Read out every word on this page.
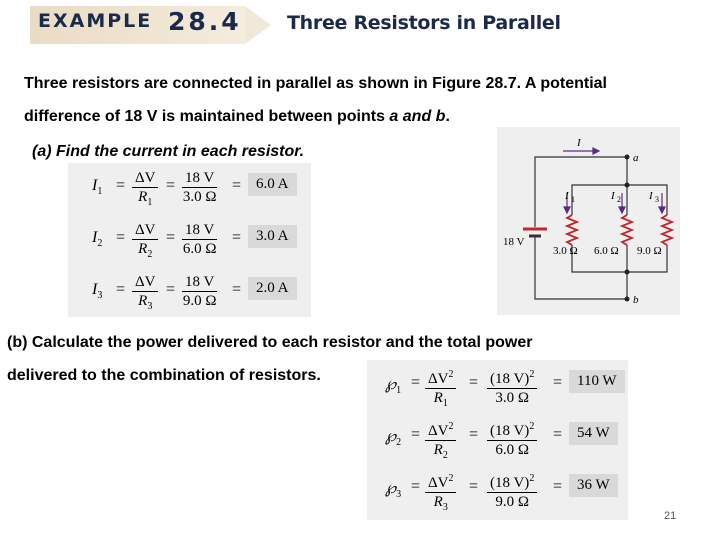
EXAMPLE 28.4 Three Resistors in Parallel
Three resistors are connected in parallel as shown in Figure 28.7. A potential
difference of 18 V is maintained between points a and b.
(a) Find the current in each resistor.
$I_1 = \frac{\Delta V}{R_1} = \frac{18 V}{3.0 \Omega} = 6.0$ A
$I_2 = \frac{\Delta V}{R_2} = \frac{18 V}{6.0 \Omega} = 3.0$ A
$I_3 = \frac{\Delta V}{R_3} = \frac{18 V}{9.0 \Omega} = 2.0$ A
I
a
b
18 V
I 1	I 2	I 3
3.0 Ω 6.0 Ω 9.0 Ω
(b) Calculate the power delivered to each resistor and the total power
delivered to the combination of resistors.
$℘_1 = \frac{\Delta V^2}{R_1} = \frac{(18 V)^2}{3.0 \Omega} = 110$ W
$℘_2 = \frac{\Delta V^2}{R_2} = \frac{(18 V)^2}{6.0 \Omega} = 54$ W
$℘_3 = \frac{\Delta V^2}{R_3} = \frac{(18 V)^2}{9.0 \Omega} = 36$ W
21
